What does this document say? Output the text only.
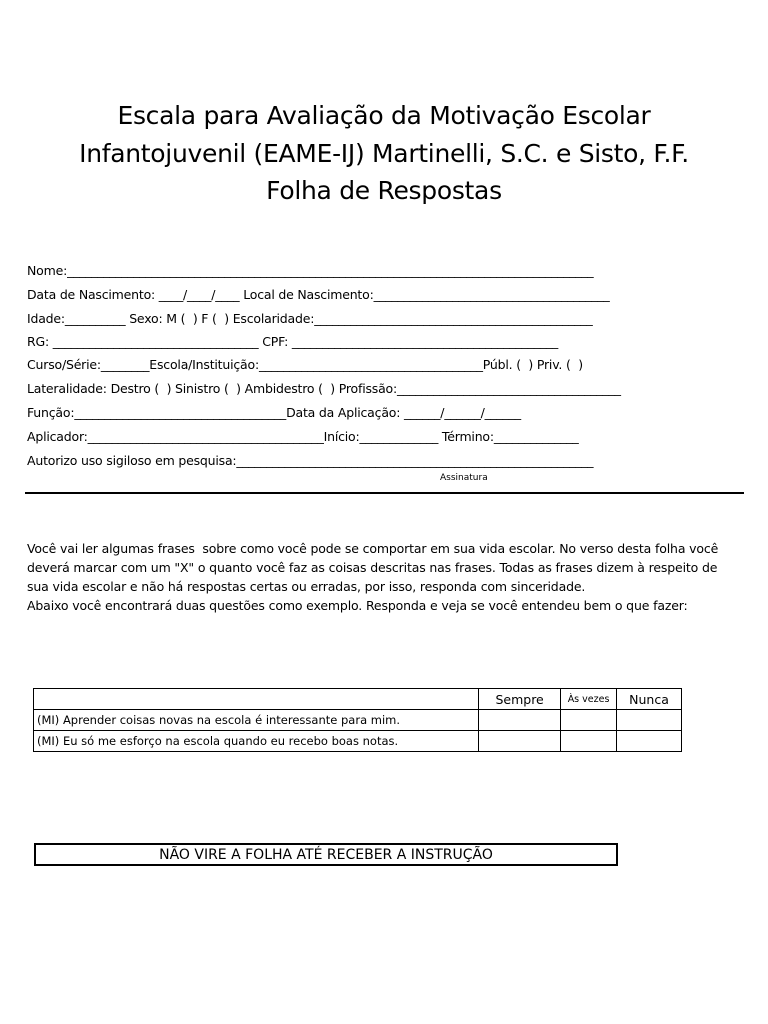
Escala para Avaliação da Motivação Escolar
Infantojuvenil (EAME-IJ) Martinelli, S.C. e Sisto, F.F.
Folha de Respostas
Nome:_______________________________________________________________________________________
Data de Nascimento: ____/____/____ Local de Nascimento:_______________________________________
Idade:__________ Sexo: M (  ) F (  ) Escolaridade:______________________________________________
RG: __________________________________ CPF: ____________________________________________
Curso/Série:________Escola/Instituição:_____________________________________Públ. (  ) Priv. (  )
Lateralidade: Destro (  ) Sinistro (  ) Ambidestro (  ) Profissão:_____________________________________
Função:___________________________________Data da Aplicação: ______/______/______
Aplicador:_______________________________________Início:_____________ Término:______________
Autorizo uso sigiloso em pesquisa:___________________________________________________________
Assinatura
Você vai ler algumas frases  sobre como você pode se comportar em sua vida escolar. No verso desta folha você
deverá marcar com um "X" o quanto você faz as coisas descritas nas frases. Todas as frases dizem à respeito de
sua vida escolar e não há respostas certas ou erradas, por isso, responda com sinceridade.
Abaixo você encontrará duas questões como exemplo. Responda e veja se você entendeu bem o que fazer:
	Sempre	Às vezes	Nunca
(MI) Aprender coisas novas na escola é interessante para mim.			
(MI) Eu só me esforço na escola quando eu recebo boas notas.			
NÃO VIRE A FOLHA ATÉ RECEBER A INSTRUÇÃO
